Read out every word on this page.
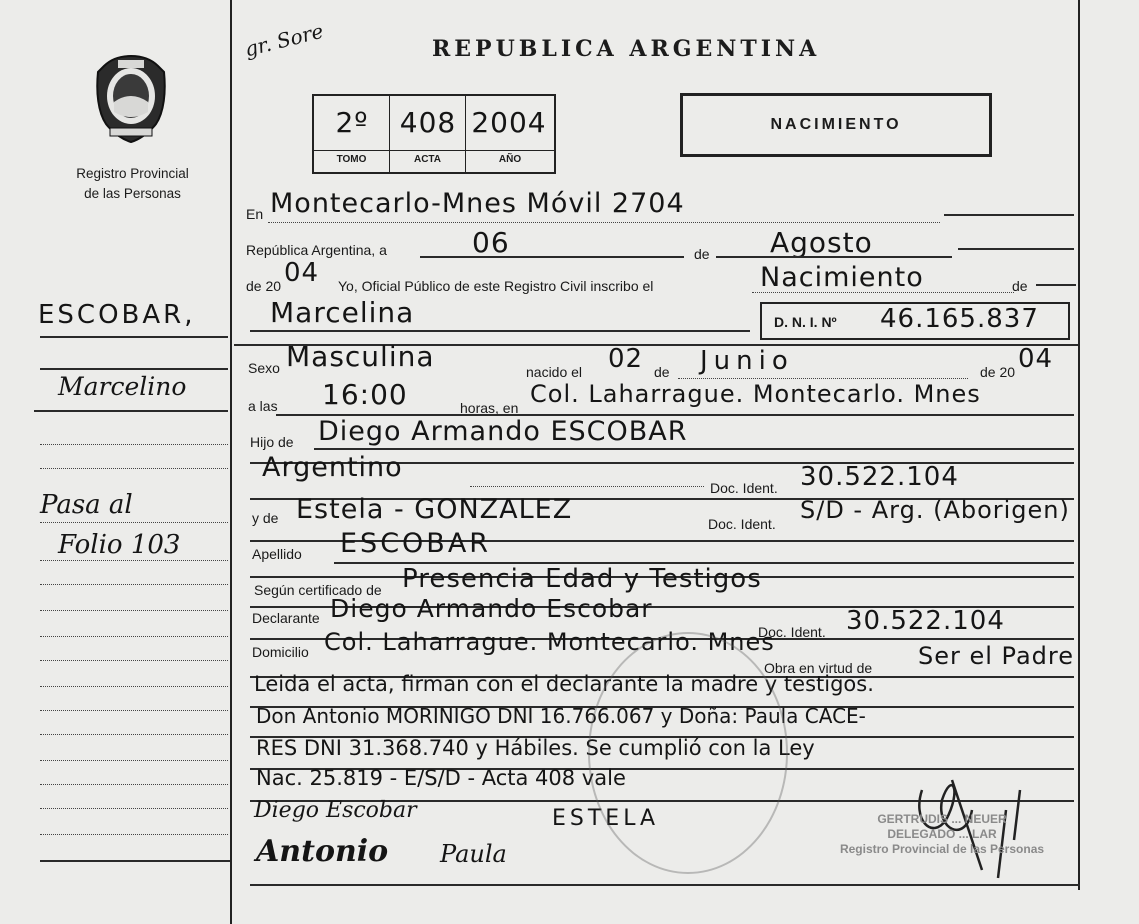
Registro Provincial
de las Personas
ESCOBAR,
Marcelino
Pasa al
Folio 103
gr. Sore	REPUBLICA ARGENTINA
2º	408 2004
TOMO	ACTA	AÑO
NACIMIENTO
En Montecarlo-Mnes Móvil 2704
República Argentina, a	06	de Agosto
de 20 04 Yo, Oficial Público de este Registro Civil inscribo el	Nacimiento	de
Marcelina	D. N. I. Nº 46.165.837
Sexo Masculina	nacido el 02 de Junio	de 20 04
a las 16:00	horas, en Col. Laharrague. Montecarlo. Mnes
Hijo de Diego Armando ESCOBAR
Argentino
Doc. Ident. 30.522.104
y de Estela - GONZALEZ	Doc. Ident. S/D - Arg. (Aborigen)
Apellido ESCOBAR
Según certificado de Presencia Edad y Testigos
Declarante Diego Armando Escobar
Doc. Ident. 30.522.104
Domicilio Col. Laharrague. Montecarlo. Mnes
Obra en virtud de Ser el Padre
Leida el acta, firman con el declarante la madre y testigos.
Don Antonio MORINIGO DNI 16.766.067 y Doña: Paula CACE-
RES DNI 31.368.740 y Hábiles. Se cumplió con la Ley
Nac. 25.819 - E/S/D - Acta 408 vale
Diego Escobar	ESTELA
Antonio Paula
GERTRUDIS ... NEUER
DELEGADO ... LAR
Registro Provincial de las Personas
